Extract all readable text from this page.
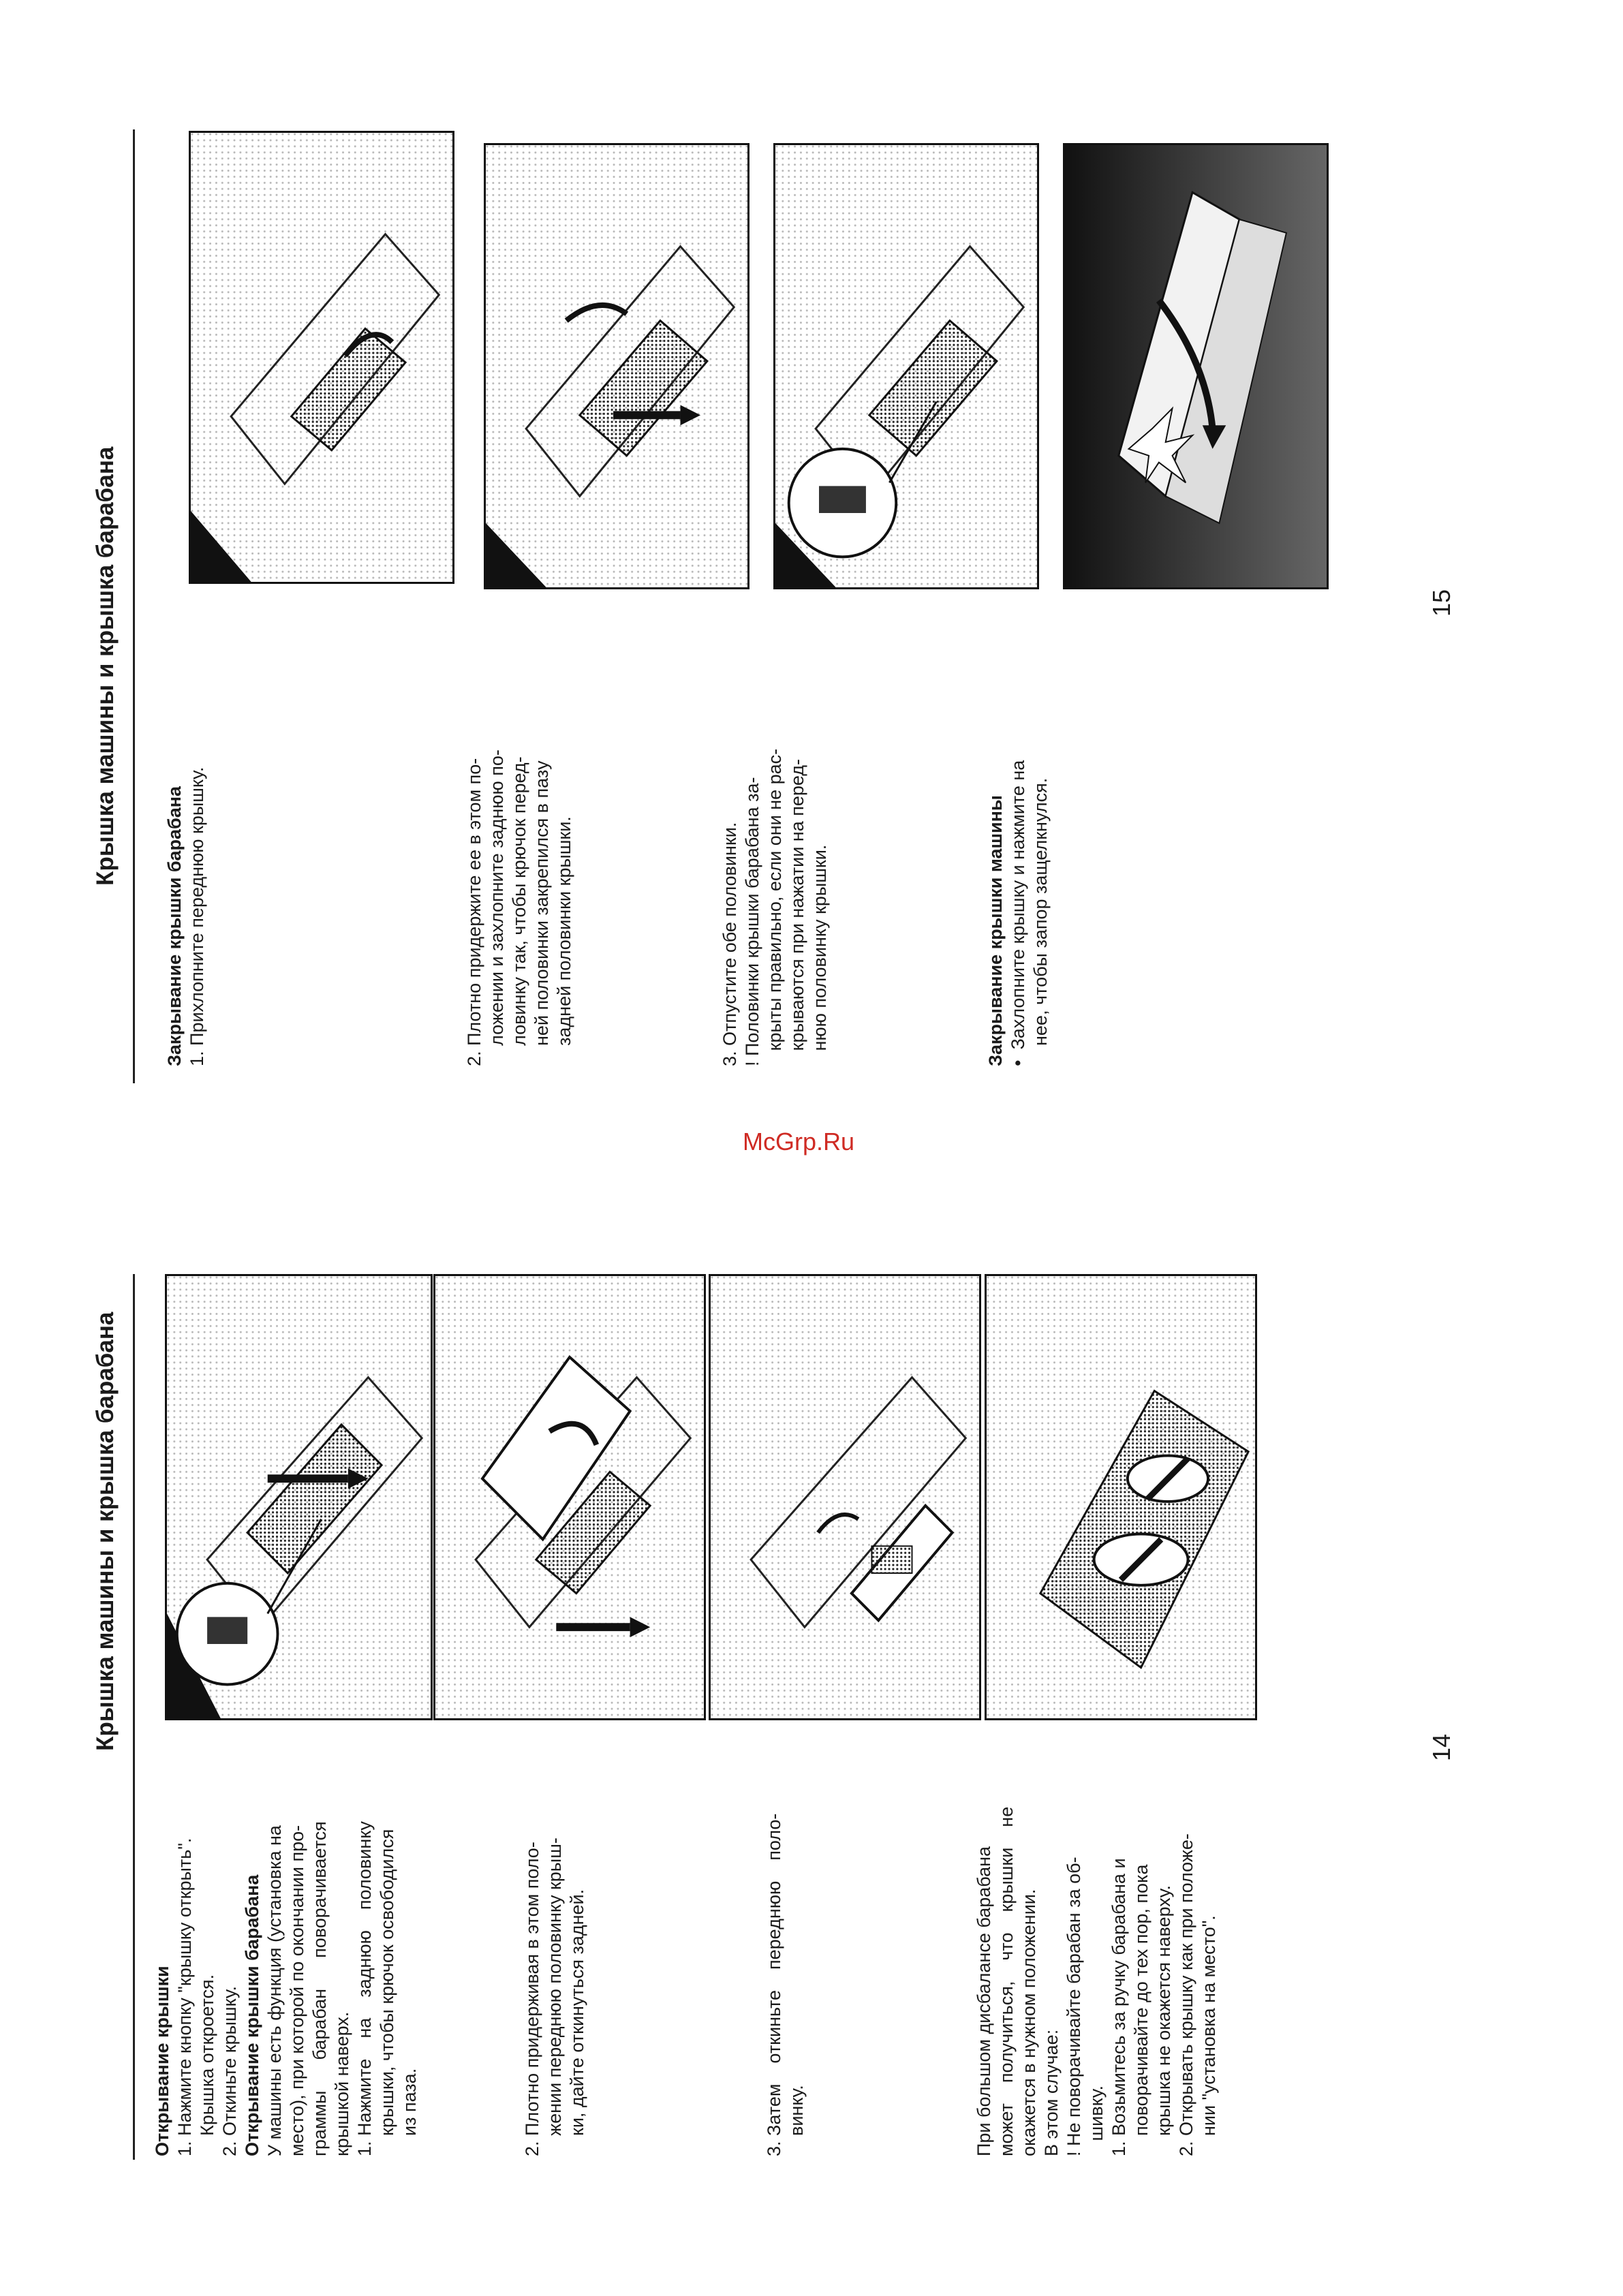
Крышка машины и крышка барабана
Открывание крышки 1. Нажмите кнопку "крышку открыть". Крышка откроется. 2. Откиньте крышку. Открывание крышки барабана У машины есть функция (установка на место), при которой по окончании про- граммы      барабан      поворачивается крышкой наверх. 1. Нажмите    на    заднюю    половинку крышки, чтобы крючок освободился из паза.	2. Плотно придерживая в этом поло- жении переднюю половинку крыш- ки, дайте откинуться задней.	3. Затем    откиньте    переднюю    поло- винку.	При большом дисбалансе барабана может    получиться,    что    крышки    не окажется в нужном положении. В этом случае: ! Не поворачивайте барабан за об- шивку. 1. Возьмитесь за ручку барабана и поворачивайте до тех пор, пока крышка не окажется наверху. 2. Открывать крышку как при положе- нии "установка на место".
14
Крышка машины и крышка барабана
Закрывание крышки барабана 1. Прихлопните переднюю крышку.	2. Плотно придержите ее в этом по- ложении и захлопните заднюю по- ловинку так, чтобы крючок перед- ней половинки закрепился в пазу задней половинки крышки.	3. Отпустите обе половинки. ! Половинки крышки барабана за- крыты правильно, если они не рас- крываются при нажатии на перед- нюю половинку крышки.	Закрывание крышки машины •  Захлопните крышку и нажмите на нее, чтобы запор защелкнулся.
15
McGrp.Ru
